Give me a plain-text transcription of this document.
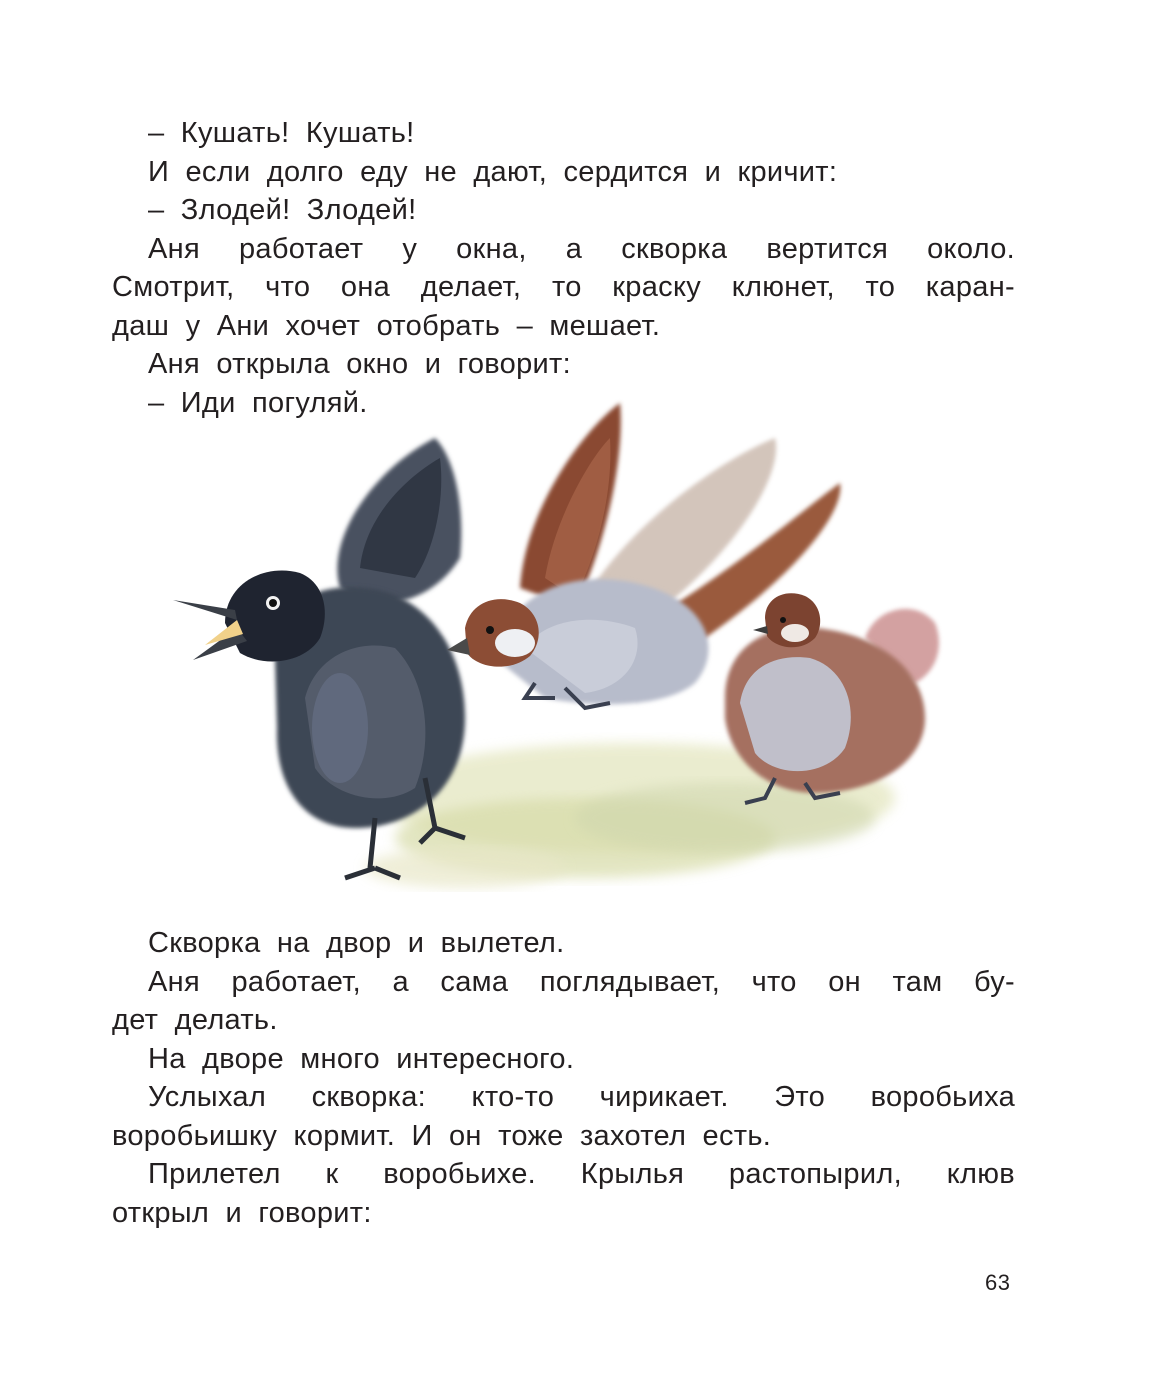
– Кушать! Кушать!
И если долго еду не дают, сердится и кричит:
– Злодей! Злодей!
Аня работает у окна, а скворка вертится около.
Смотрит, что она делает, то краску клюнет, то каран-
даш у Ани хочет отобрать – мешает.
Аня открыла окно и говорит:
– Иди погуляй.
Скворка на двор и вылетел.
Аня работает, а сама поглядывает, что он там бу-
дет делать.
На дворе много интересного.
Услыхал скворка: кто-то чирикает. Это воробьиха
воробьишку кормит. И он тоже захотел есть.
Прилетел к воробьихе. Крылья растопырил, клюв
открыл и говорит:
63
